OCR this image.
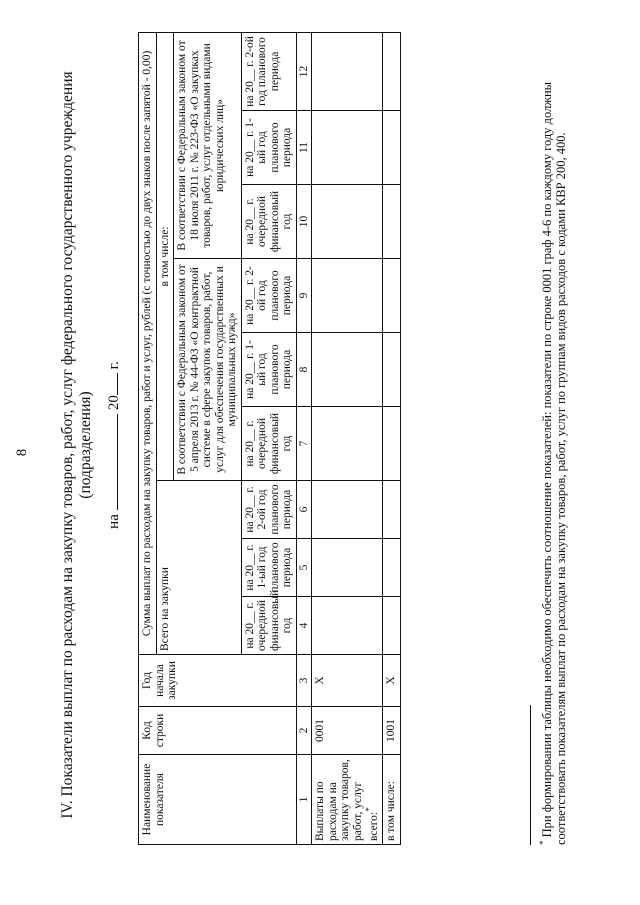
8 IV. Показатели выплат по расходам на закупку товаров, работ, услуг федерального государственного учреждения (подразделения)
на20 г.
Наименование показателя	Код строки	Год начала закупки	Сумма выплат по расходам на закупку товаров, работ и услуг, рублей (с точностью до двух знаков после запятой - 0,00)								
			Всего на закупки			в том числе:					
						В соответствии с Федеральным законом от 5 апреля 2013 г. № 44-ФЗ «О контрактной системе в сфере закупок товаров, работ, услуг для обеспечения государственных и муниципальных нужд»			В соответствии с Федеральным законом от 18 июля 2011 г. № 223-ФЗ «О закупках товаров, работ, услуг отдельными видами юридических лиц»		

			на 20__ г. очередной финансовый год	на 20__ г. 1-ый год планового периода	на 20__ г. 2-ой год планового периода	на 20__ г. очередной финансовый год	на 20__ г. 1-ый год планового периода	на 20__ г. 2-ой год планового периода	на 20__ г. очередной финансовый год	на 20__ г. 1-ый год планового периода	на 20__ г. 2-ой год планового периода
1	2	3	4	5	6	7	8	9	10	11	12
Выплаты по расходам на закупку товаров, работ, услуг всего:*	0001	X									
в том числе:	1001	X									
* При формировании таблицы необходимо обеспечить соотношение показателей: показатели по строке 0001 граф 4-6 по каждому году должны соответствовать показателям выплат по расходам на закупку товаров, работ, услуг по группам видов расходов с кодами КВР 200, 400.
